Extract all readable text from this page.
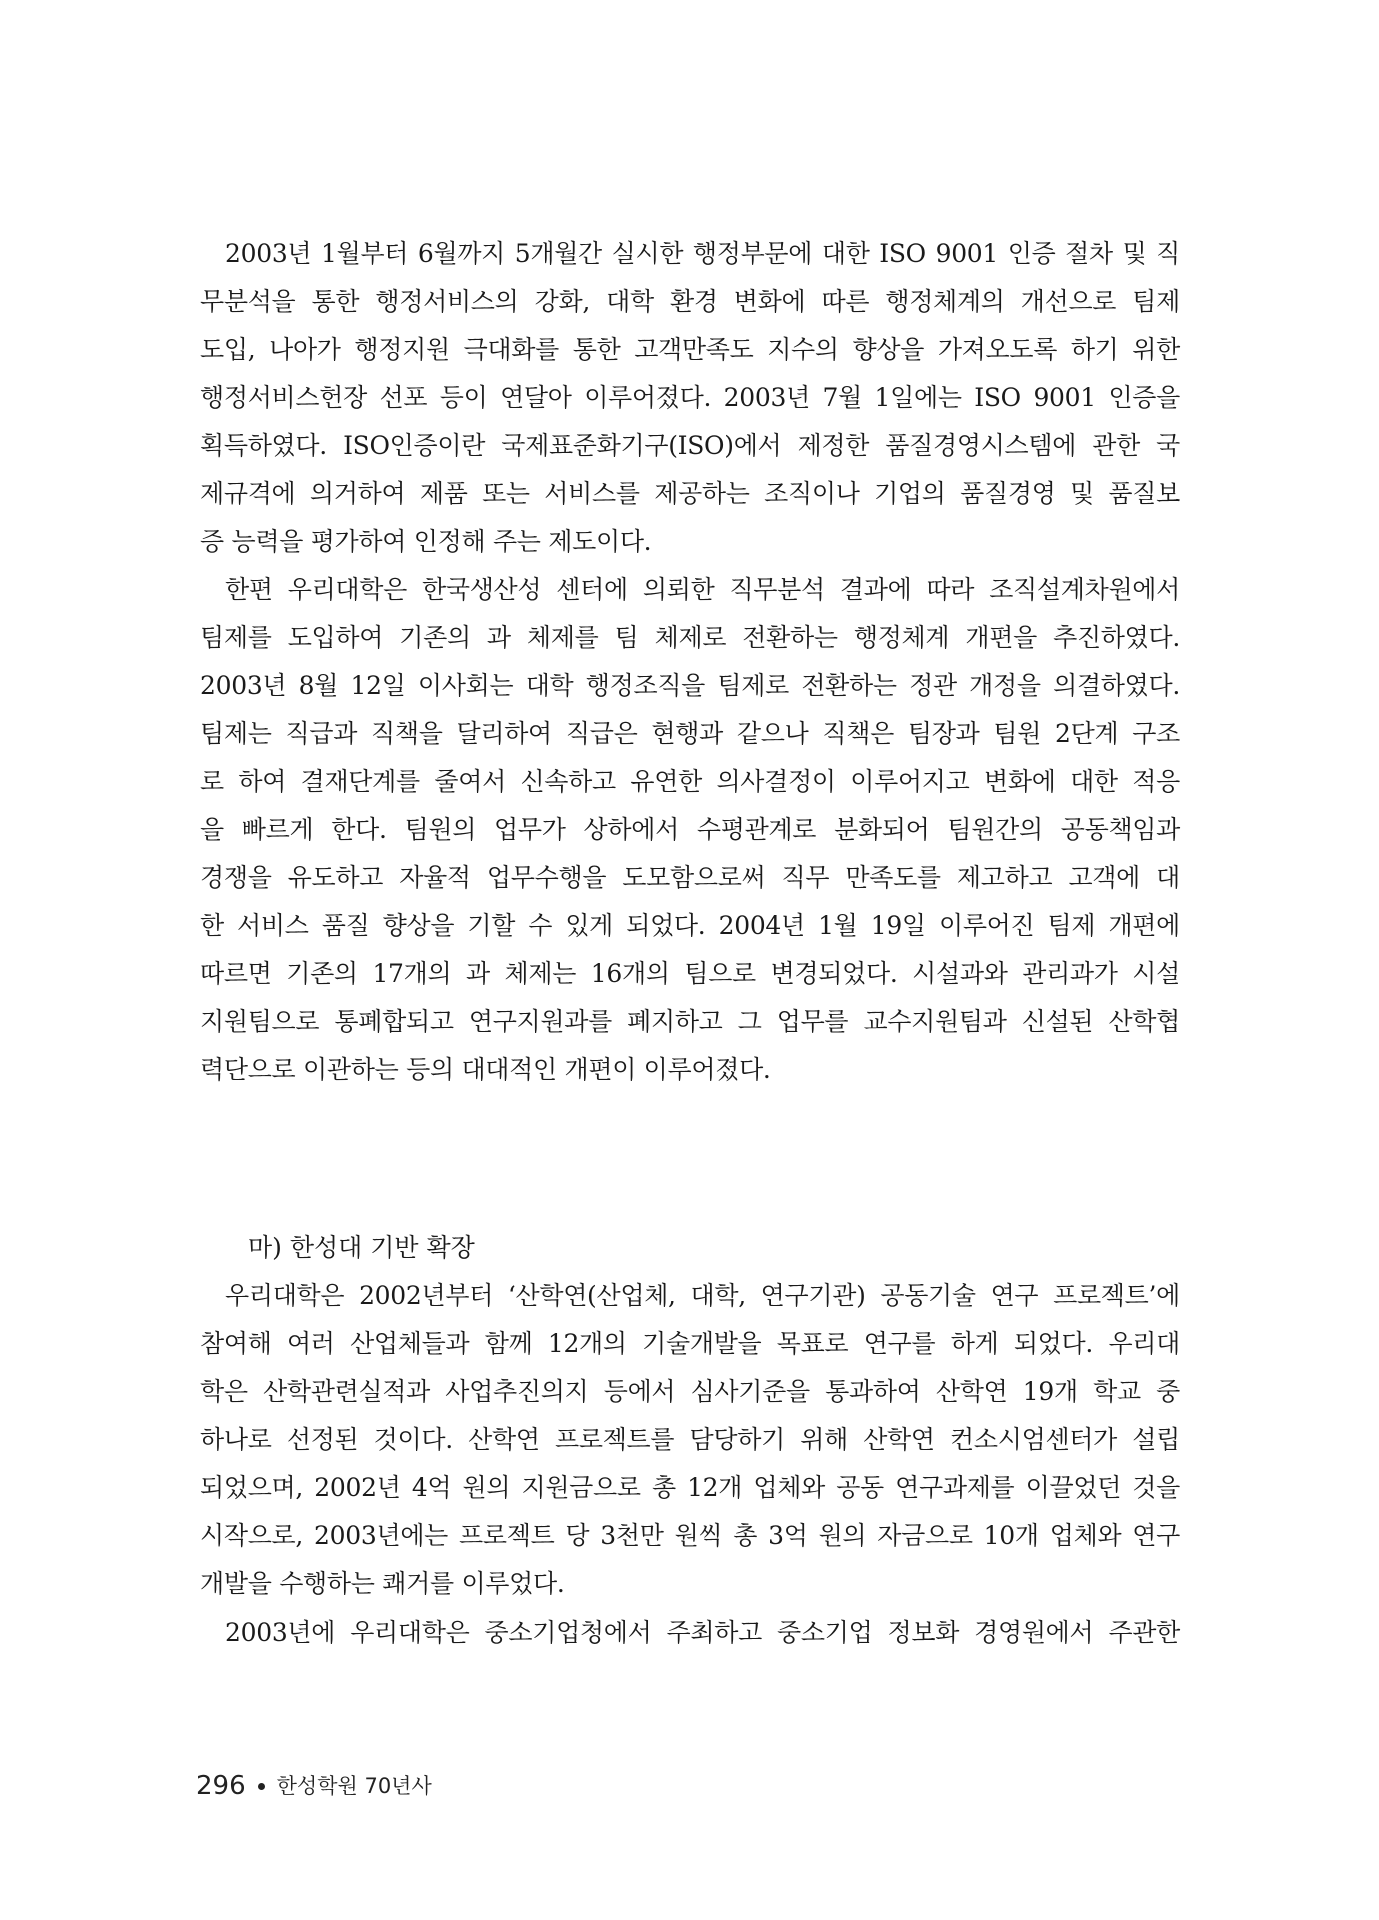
2003년 1월부터 6월까지 5개월간 실시한 행정부문에 대한 ISO 9001 인증 절차 및 직
무분석을 통한 행정서비스의 강화, 대학 환경 변화에 따른 행정체계의 개선으로 팀제
도입, 나아가 행정지원 극대화를 통한 고객만족도 지수의 향상을 가져오도록 하기 위한
행정서비스헌장 선포 등이 연달아 이루어졌다. 2003년 7월 1일에는 ISO 9001 인증을
획득하였다. ISO인증이란 국제표준화기구(ISO)에서 제정한 품질경영시스템에 관한 국
제규격에 의거하여 제품 또는 서비스를 제공하는 조직이나 기업의 품질경영 및 품질보
증 능력을 평가하여 인정해 주는 제도이다.
한편 우리대학은 한국생산성 센터에 의뢰한 직무분석 결과에 따라 조직설계차원에서
팀제를 도입하여 기존의 과 체제를 팀 체제로 전환하는 행정체계 개편을 추진하였다.
2003년 8월 12일 이사회는 대학 행정조직을 팀제로 전환하는 정관 개정을 의결하였다.
팀제는 직급과 직책을 달리하여 직급은 현행과 같으나 직책은 팀장과 팀원 2단계 구조
로 하여 결재단계를 줄여서 신속하고 유연한 의사결정이 이루어지고 변화에 대한 적응
을 빠르게 한다. 팀원의 업무가 상하에서 수평관계로 분화되어 팀원간의 공동책임과
경쟁을 유도하고 자율적 업무수행을 도모함으로써 직무 만족도를 제고하고 고객에 대
한 서비스 품질 향상을 기할 수 있게 되었다. 2004년 1월 19일 이루어진 팀제 개편에
따르면 기존의 17개의 과 체제는 16개의 팀으로 변경되었다. 시설과와 관리과가 시설
지원팀으로 통폐합되고 연구지원과를 폐지하고 그 업무를 교수지원팀과 신설된 산학협
력단으로 이관하는 등의 대대적인 개편이 이루어졌다.
마) 한성대 기반 확장
우리대학은 2002년부터 ‘산학연(산업체, 대학, 연구기관) 공동기술 연구 프로젝트’에
참여해 여러 산업체들과 함께 12개의 기술개발을 목표로 연구를 하게 되었다. 우리대
학은 산학관련실적과 사업추진의지 등에서 심사기준을 통과하여 산학연 19개 학교 중
하나로 선정된 것이다. 산학연 프로젝트를 담당하기 위해 산학연 컨소시엄센터가 설립
되었으며, 2002년 4억 원의 지원금으로 총 12개 업체와 공동 연구과제를 이끌었던 것을
시작으로, 2003년에는 프로젝트 당 3천만 원씩 총 3억 원의 자금으로 10개 업체와 연구
개발을 수행하는 쾌거를 이루었다.
2003년에 우리대학은 중소기업청에서 주최하고 중소기업 정보화 경영원에서 주관한
296 한성학원 70년사
